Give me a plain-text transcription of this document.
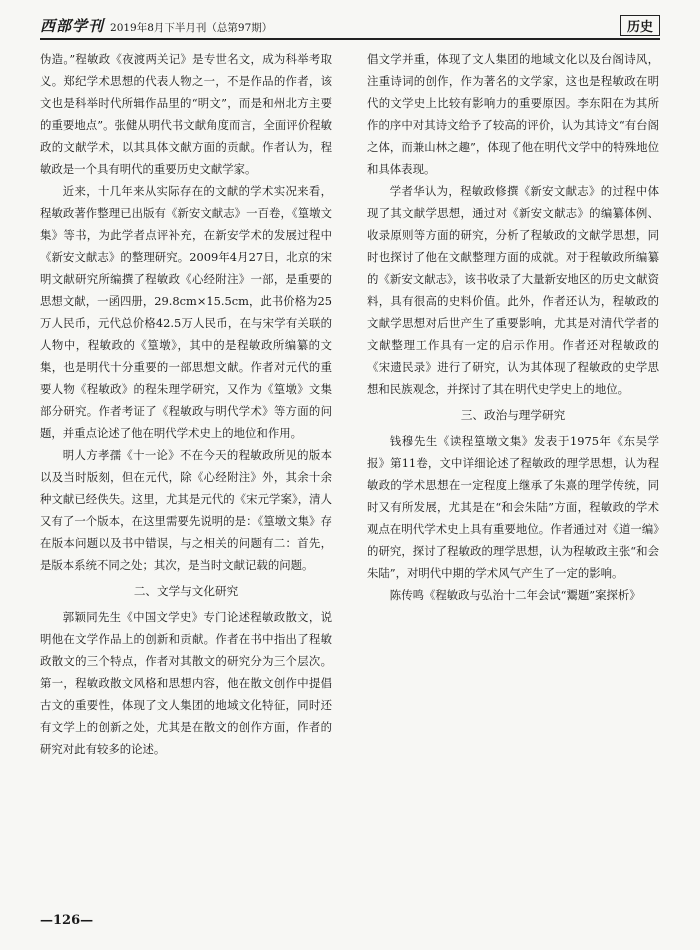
西部学刊 2019年8月下半月刊（总第97期）	历史

伪造。”程敏政《夜渡两关记》是专世名文，成为科举考取义。郑纪学术思想的代表人物之一，不是作品的作者，该文也是科举时代所辑作品里的“明文”，而是和州北方主要的重要地点”。张健从明代书文献角度而言，全面评价程敏政的文献学术，以其具体文献方面的贡献。作者认为，程敏政是一个具有明代的重要历史文献学家。

近来，十几年来从实际存在的文献的学术实况来看，程敏政著作整理已出版有《新安文献志》一百卷，《篁墩文集》等书，为此学者点评补充，在新安学术的发展过程中《新安文献志》的整理研究。2009年4月27日，北京的宋明文献研究所编撰了程敏政《心经附注》一部，是重要的思想文献，一函四册，29.8cm×15.5cm，此书价格为25万人民币，元代总价格42.5万人民币，在与宋学有关联的人物中，程敏政的《篁墩》，其中的是程敏政所编纂的文集，也是明代十分重要的一部思想文献。作者对元代的重要人物《程敏政》的程朱理学研究，又作为《篁墩》文集部分研究。作者考证了《程敏政与明代学术》等方面的问题，并重点论述了他在明代学术史上的地位和作用。

明人方孝孺《十一论》不在今天的程敏政所见的版本以及当时版刻，但在元代，除《心经附注》外，其余十余种文献已经佚失。这里，尤其是元代的《宋元学案》，清人又有了一个版本，在这里需要先说明的是：《篁墩文集》存在版本问题以及书中错误，与之相关的问题有二：首先，是版本系统不同之处；其次，是当时文献记载的问题。

二、文学与文化研究

郭颖同先生《中国文学史》专门论述程敏政散文，说明他在文学作品上的创新和贡献。作者在书中指出了程敏政散文的三个特点，作者对其散文的研究分为三个层次。第一，程敏政散文风格和思想内容，他在散文创作中提倡古文的重要性，体现了文人集团的地域文化特征，同时还有文学上的创新之处，尤其是在散文的创作方面，作者的研究对此有较多的论述。

倡文学并重，体现了文人集团的地域文化以及台阁诗风，注重诗词的创作，作为著名的文学家，这也是程敏政在明代的文学史上比较有影响力的重要原因。李东阳在为其所作的序中对其诗文给予了较高的评价，认为其诗文“有台阁之体，而兼山林之趣”，体现了他在明代文学中的特殊地位和具体表现。

学者华认为，程敏政修撰《新安文献志》的过程中体现了其文献学思想，通过对《新安文献志》的编纂体例、收录原则等方面的研究，分析了程敏政的文献学思想，同时也探讨了他在文献整理方面的成就。对于程敏政所编纂的《新安文献志》，该书收录了大量新安地区的历史文献资料，具有很高的史料价值。此外，作者还认为，程敏政的文献学思想对后世产生了重要影响，尤其是对清代学者的文献整理工作具有一定的启示作用。作者还对程敏政的《宋遗民录》进行了研究，认为其体现了程敏政的史学思想和民族观念，并探讨了其在明代史学史上的地位。

三、政治与理学研究

钱穆先生《读程篁墩文集》发表于1975年《东吴学报》第11卷，文中详细论述了程敏政的理学思想，认为程敏政的学术思想在一定程度上继承了朱熹的理学传统，同时又有所发展，尤其是在“和会朱陆”方面，程敏政的学术观点在明代学术史上具有重要地位。作者通过对《道一编》的研究，探讨了程敏政的理学思想，认为程敏政主张“和会朱陆”，对明代中期的学术风气产生了一定的影响。

陈传鸣《程敏政与弘治十二年会试“鬻题”案探析》

—126—
